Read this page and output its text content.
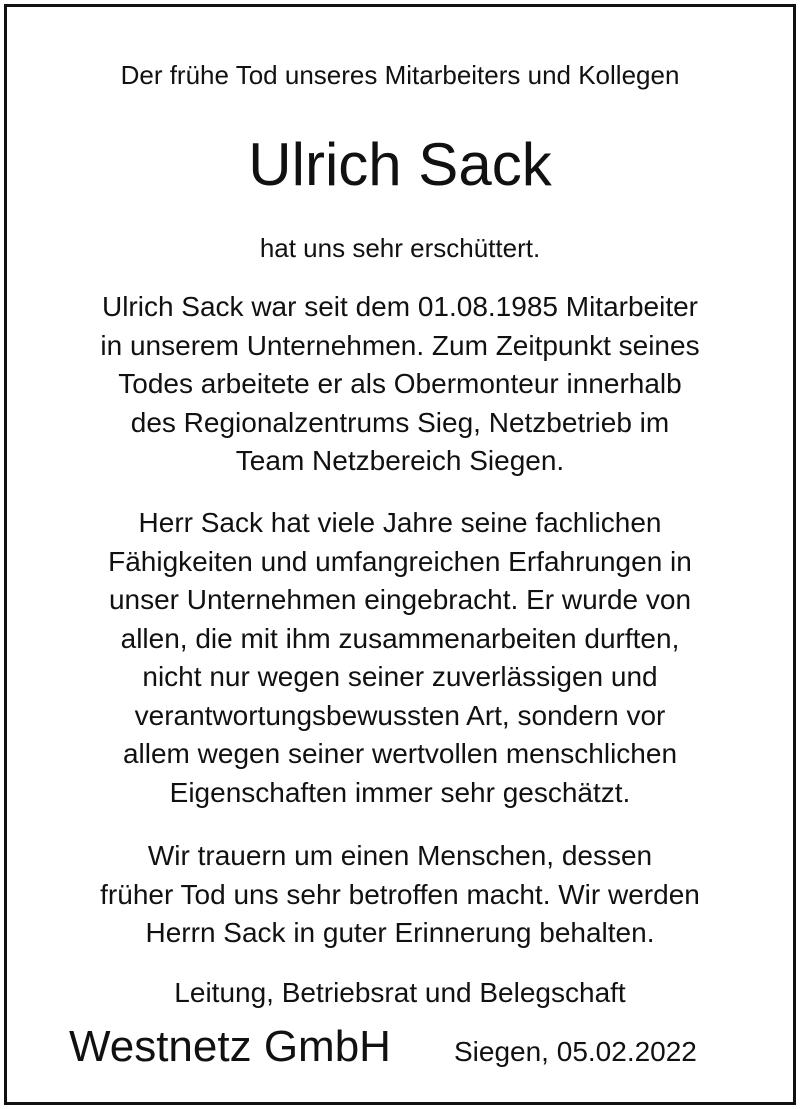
Der frühe Tod unseres Mitarbeiters und Kollegen
Ulrich Sack
hat uns sehr erschüttert.
Ulrich Sack war seit dem 01.08.1985 Mitarbeiter
in unserem Unternehmen. Zum Zeitpunkt seines
Todes arbeitete er als Obermonteur innerhalb
des Regionalzentrums Sieg, Netzbetrieb im
Team Netzbereich Siegen.
Herr Sack hat viele Jahre seine fachlichen
Fähigkeiten und umfangreichen Erfahrungen in
unser Unternehmen eingebracht. Er wurde von
allen, die mit ihm zusammenarbeiten durften,
nicht nur wegen seiner zuverlässigen und
verantwortungsbewussten Art, sondern vor
allem wegen seiner wertvollen menschlichen
Eigenschaften immer sehr geschätzt.
Wir trauern um einen Menschen, dessen
früher Tod uns sehr betroffen macht. Wir werden
Herrn Sack in guter Erinnerung behalten.
Leitung, Betriebsrat und Belegschaft
Westnetz GmbH Siegen, 05.02.2022
